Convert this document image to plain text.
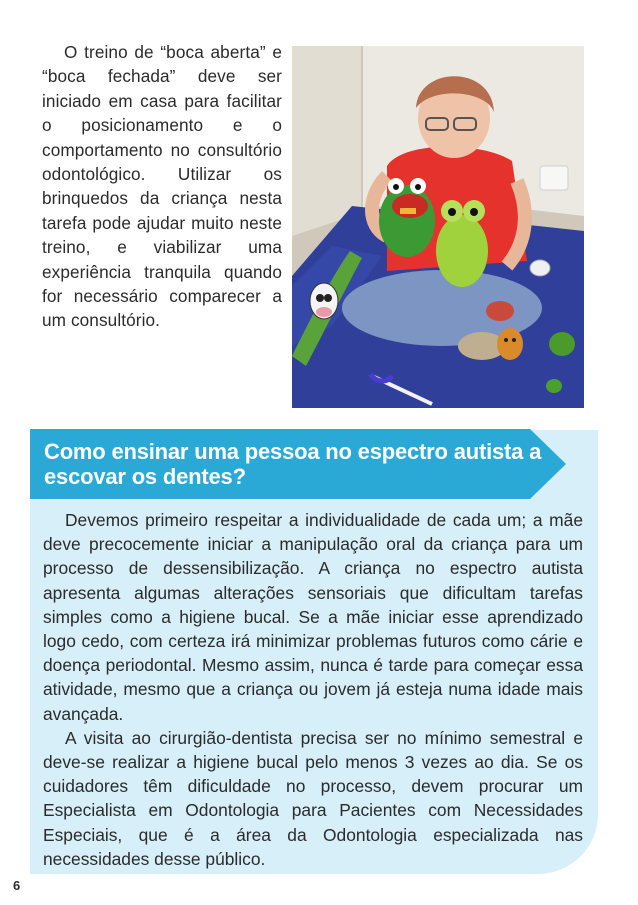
O treino de “boca aberta” e “boca fechada” deve ser iniciado em casa para facilitar o posicionamento e o comportamento no consultório odontológico. Utilizar os brinquedos da criança nesta tarefa pode ajudar muito neste treino, e viabilizar uma experiência tranquila quando for necessário comparecer a um consultório.

Como ensinar uma pessoa no espectro autista a escovar os dentes?

Devemos primeiro respeitar a individualidade de cada um; a mãe deve precocemente iniciar a manipulação oral da criança para um processo de dessensibilização. A criança no espectro autista apresenta algumas alterações sensoriais que dificultam tarefas simples como a higiene bucal. Se a mãe iniciar esse aprendizado logo cedo, com certeza irá minimizar problemas futuros como cárie e doença periodontal. Mesmo assim, nunca é tarde para começar essa atividade, mesmo que a criança ou jovem já esteja numa idade mais avançada.

A visita ao cirurgião-dentista precisa ser no mínimo semestral e deve-se realizar a higiene bucal pelo menos 3 vezes ao dia. Se os cuidadores têm dificuldade no processo, devem procurar um Especialista em Odontologia para Pacientes com Necessidades Especiais, que é a área da Odontologia especializada nas necessidades desse público.

6
